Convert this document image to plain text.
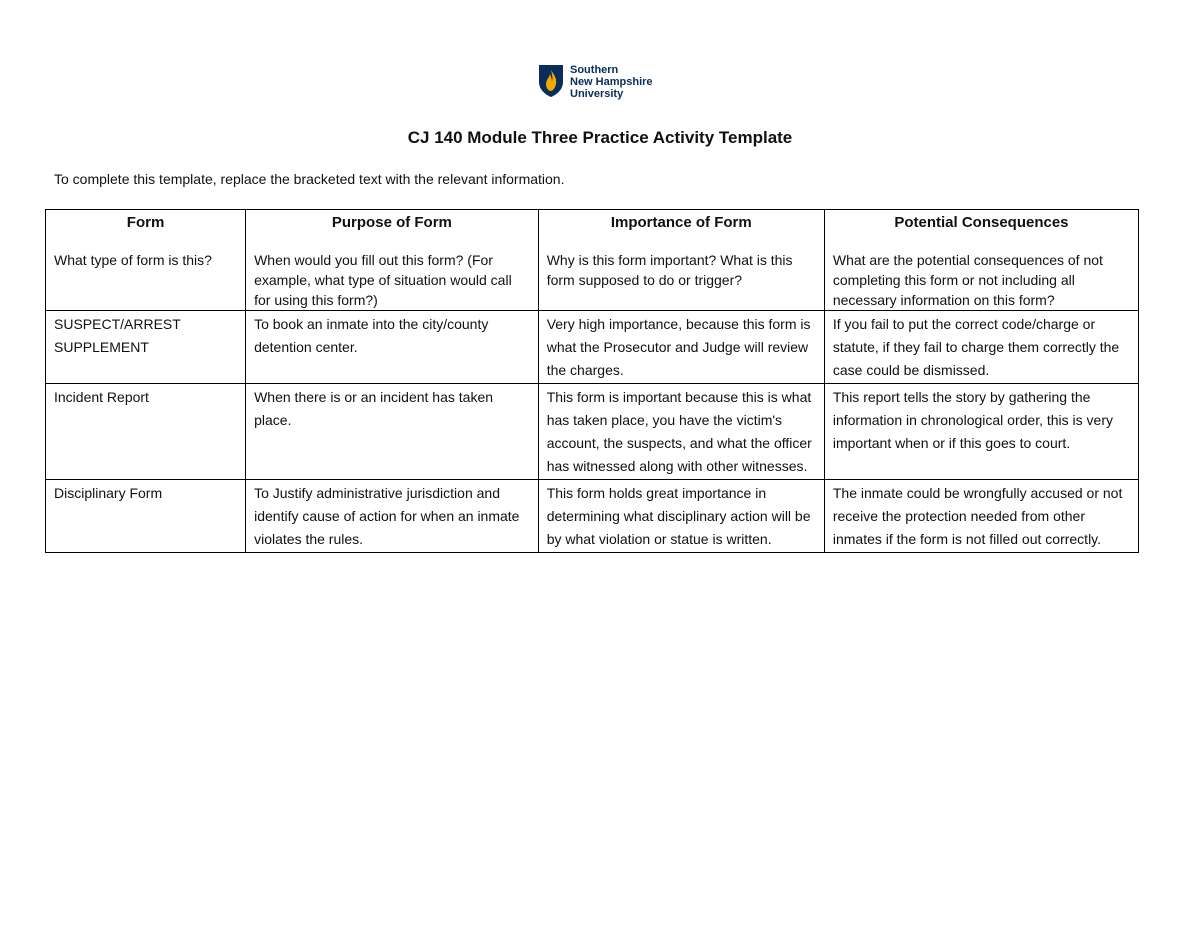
Southern
New Hampshire
University
CJ 140 Module Three Practice Activity Template

To complete this template, replace the bracketed text with the relevant information.

Form	Purpose of Form	Importance of Form	Potential Consequences
What type of form is this?	When would you fill out this form? (For example, what type of situation would call for using this form?)	Why is this form important? What is this form supposed to do or trigger?	What are the potential consequences of not completing this form or not including all necessary information on this form?
SUSPECT/ARREST SUPPLEMENT	To book an inmate into the city/county detention center.	Very high importance, because this form is what the Prosecutor and Judge will review the charges.	If you fail to put the correct code/charge or statute, if they fail to charge them correctly the case could be dismissed.
Incident Report	When there is or an incident has taken place.	This form is important because this is what has taken place, you have the victim's account, the suspects, and what the officer has witnessed along with other witnesses.	This report tells the story by gathering the information in chronological order, this is very important when or if this goes to court.
Disciplinary Form	To Justify administrative jurisdiction and identify cause of action for when an inmate violates the rules.	This form holds great importance in determining what disciplinary action will be by what violation or statue is written.	The inmate could be wrongfully accused or not receive the protection needed from other inmates if the form is not filled out correctly.
